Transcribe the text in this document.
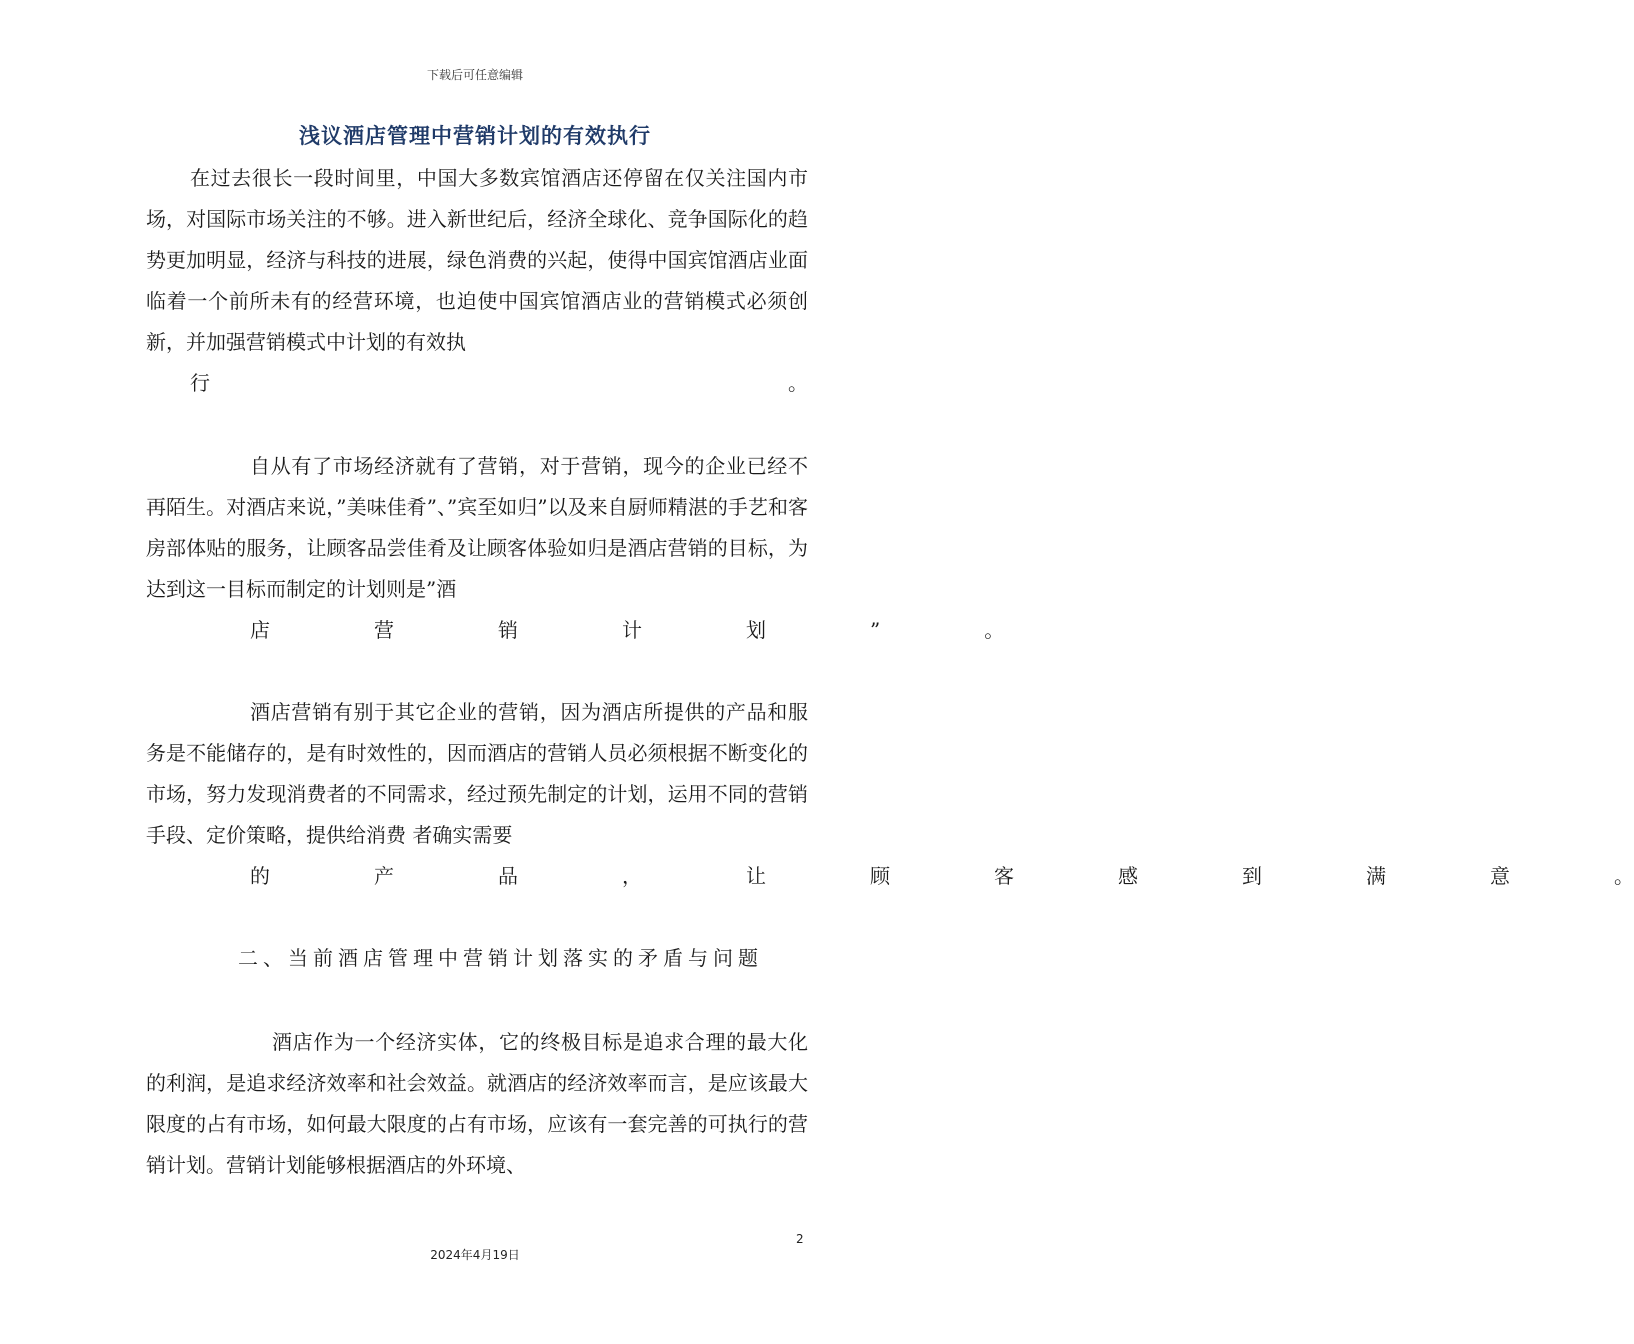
下载后可任意编辑
浅议酒店管理中营销计划的有效执行

在过去很长一段时间里，中国大多数宾馆酒店还停留在仅关注国内市场，对国际市场关注的不够。进入新世纪后，经济全球化、竞争国际化的趋势更加明显，经济与科技的进展，绿色消费的兴起，使得中国宾馆酒店业面临着一个前所未有的经营环境，也迫使中国宾馆酒店业的营销模式必须创新，并加强营销模式中计划的有效执

行	。

自从有了市场经济就有了营销，对于营销，现今的企业已经不再陌生。对酒店来说，”美味佳肴”、”宾至如归”以及来自厨师精湛的手艺和客房部体贴的服务，让顾客品尝佳肴及让顾客体验如归是酒店营销的目标，为达到这一目标而制定的计划则是”酒

店	营	销	计	划	”	。

酒店营销有别于其它企业的营销，因为酒店所提供的产品和服务是不能储存的，是有时效性的，因而酒店的营销人员必须根据不断变化的市场，努力发现消费者的不同需求，经过预先制定的计划，运用不同的营销手段、定价策略，提供给消费 者确实需要

的	产	品	，	让	顾	客	感	到	满	意	。
二、当前酒店管理中营销计划落实的矛盾与问题

酒店作为一个经济实体，它的终极目标是追求合理的最大化的利润，是追求经济效率和社会效益。就酒店的经济效率而言，是应该最大限度的占有市场，如何最大限度的占有市场，应该有一套完善的可执行的营销计划。营销计划能够根据酒店的外环境、

2
2024年4月19日
